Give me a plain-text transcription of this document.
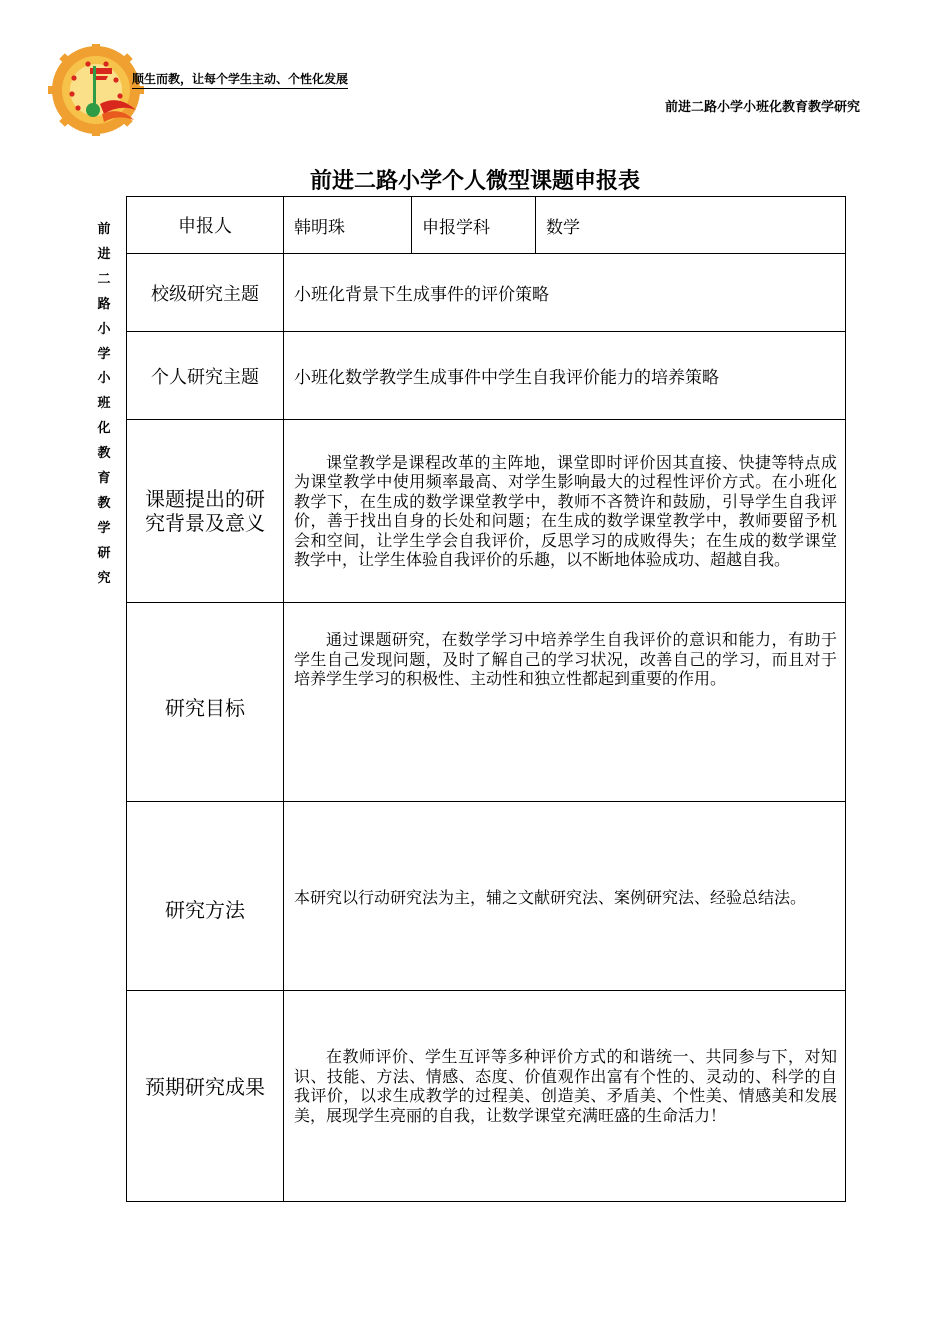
顺生而教，让每个学生主动、个性化发展
前进二路小学小班化教育教学研究
前进二路小学个人微型课题申报表
前
进
二
路
小
学
小
班
化
教
育
教
学
研
究
申报人	韩明珠	申报学科	数学
校级研究主题	小班化背景下生成事件的评价策略		
个人研究主题	小班化数学教学生成事件中学生自我评价能力的培养策略		
课题提出的研究背景及意义	课堂教学是课程改革的主阵地，课堂即时评价因其直接、快捷等特点成为课堂教学中使用频率最高、对学生影响最大的过程性评价方式。在小班化教学下，在生成的数学课堂教学中，教师不吝赞许和鼓励，引导学生自我评价，善于找出自身的长处和问题；在生成的数学课堂教学中，教师要留予机会和空间，让学生学会自我评价，反思学习的成败得失；在生成的数学课堂教学中，让学生体验自我评价的乐趣，以不断地体验成功、超越自我。		
研究目标	通过课题研究，在数学学习中培养学生自我评价的意识和能力，有助于学生自己发现问题，及时了解自己的学习状况，改善自己的学习，而且对于培养学生学习的积极性、主动性和独立性都起到重要的作用。		
研究方法	本研究以行动研究法为主，辅之文献研究法、案例研究法、经验总结法。		
预期研究成果	在教师评价、学生互评等多种评价方式的和谐统一、共同参与下，对知识、技能、方法、情感、态度、价值观作出富有个性的、灵动的、科学的自我评价，以求生成教学的过程美、创造美、矛盾美、个性美、情感美和发展美，展现学生亮丽的自我，让数学课堂充满旺盛的生命活力！		
